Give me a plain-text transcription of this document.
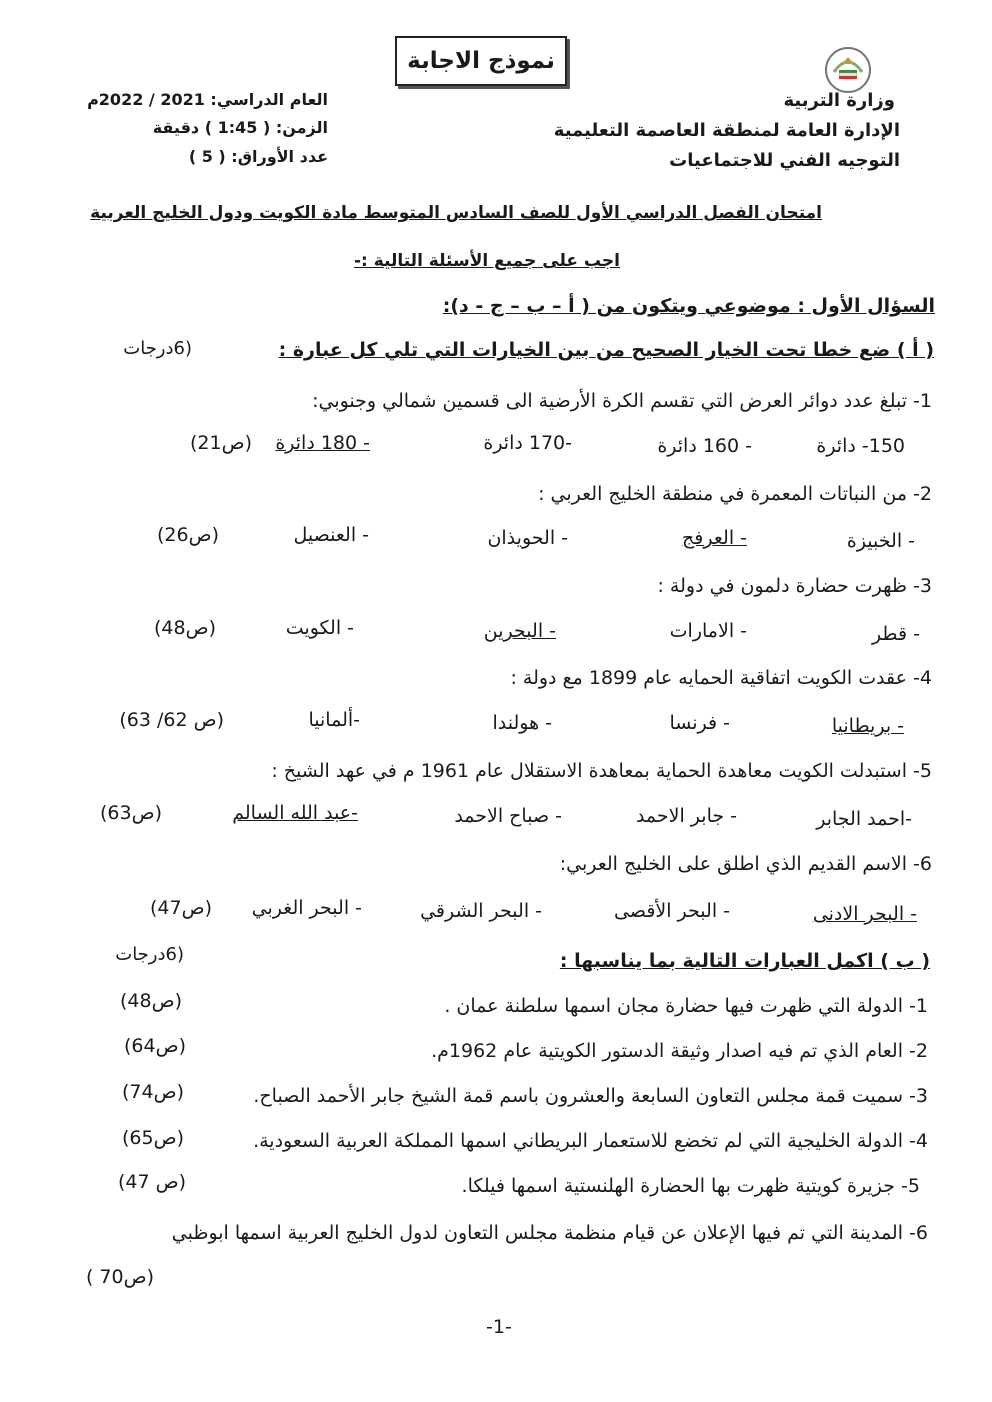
نموذج الاجابة
وزارة التربية
الإدارة العامة لمنطقة العاصمة التعليمية
التوجيه الفني للاجتماعيات
العام الدراسي: 2021 / 2022م
الزمن: ( 1:45 ) دقيقة
عدد الأوراق: ( 5 )
امتحان الفصل الدراسي الأول للصف السادس المتوسط مادة الكويت ودول الخليج العربية
اجب على جميع الأسئلة التالية :-
السؤال الأول : موضوعي ويتكون من ( أ – ب – ج - د):
( أ ) ضع خطا تحت الخيار الصحيح من بين الخيارات التي تلي كل عبارة :
(6درجات
1- تبلغ عدد دوائر العرض التي تقسم الكرة الأرضية الى قسمين شمالي وجنوبي:
150- دائرة
- 160 دائرة
-170 دائرة
- 180 دائرة
(ص21)
2- من النباتات المعمرة في منطقة الخليج العربي :
- الخبيزة
- العرفج
- الحويذان
- العنصيل
(ص26)
3- ظهرت حضارة دلمون في دولة :
- قطر
- الامارات
- البحرين
- الكويت
(ص48)
4- عقدت الكويت اتفاقية الحمايه عام 1899 مع دولة :
- بريطانيا
- فرنسا
- هولندا
-ألمانيا
(ص 62/ 63)
5- استبدلت الكويت معاهدة الحماية بمعاهدة الاستقلال عام 1961 م في عهد الشيخ :
-احمد الجابر
- جابر الاحمد
- صباح الاحمد
-عبد الله السالم
(ص63)
6- الاسم القديم الذي اطلق على الخليج العربي:
- البحر الادنى
- البحر الأقصى
- البحر الشرقي
- البحر الغربي
(ص47)
( ب ) اكمل العبارات التالية بما يناسبها :
(6درجات
1- الدولة التي ظهرت فيها حضارة مجان اسمها سلطنة عمان .
(ص48)
2- العام الذي تم فيه اصدار وثيقة الدستور الكويتية عام 1962م.
(ص64)
3- سميت قمة مجلس التعاون السابعة والعشرون باسم قمة الشيخ جابر الأحمد الصباح.
(ص74)
4- الدولة الخليجية التي لم تخضع للاستعمار البريطاني اسمها المملكة العربية السعودية.
(ص65)
5- جزيرة كويتية ظهرت بها الحضارة الهلنستية اسمها فيلكا.
(ص 47)
6- المدينة التي تم فيها الإعلان عن قيام منظمة مجلس التعاون لدول الخليج العربية اسمها ابوظبي
(ص70 )
-1-
